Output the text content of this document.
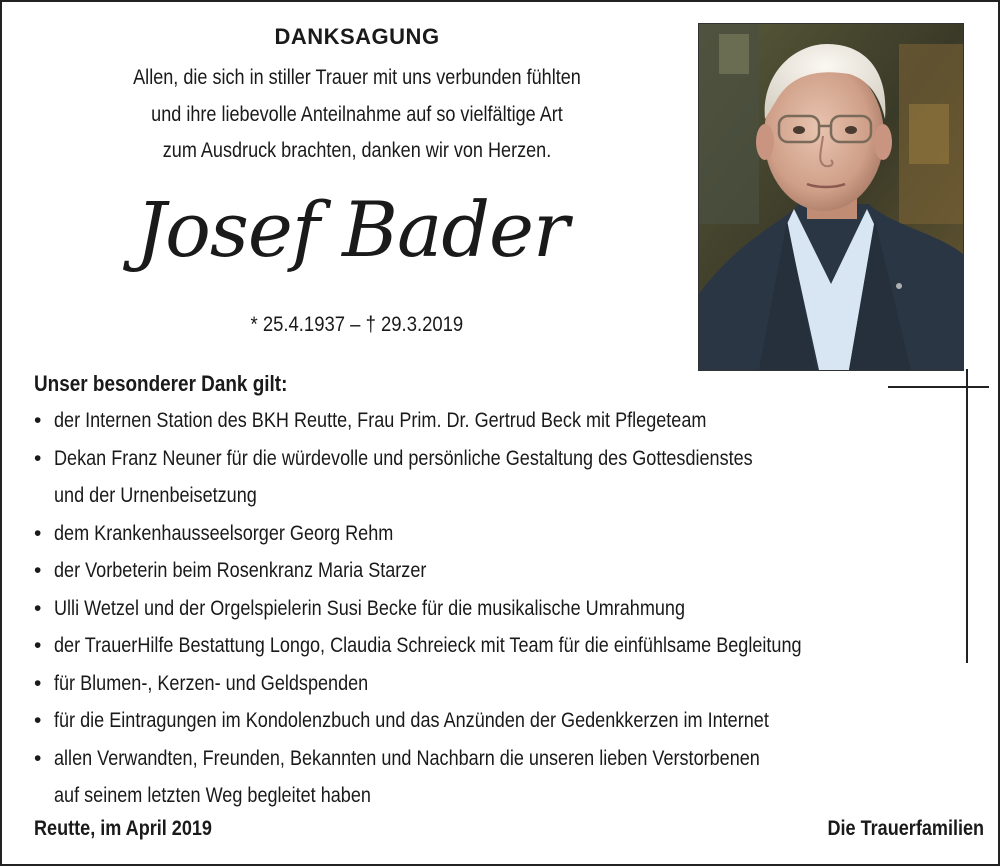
DANKSAGUNG
Allen, die sich in stiller Trauer mit uns verbunden fühlten
und ihre liebevolle Anteilnahme auf so vielfältige Art
zum Ausdruck brachten, danken wir von Herzen.
Josef Bader
* 25.4.1937 – † 29.3.2019
Unser besonderer Dank gilt:
• der Internen Station des BKH Reutte, Frau Prim. Dr. Gertrud Beck mit Pflegeteam
• Dekan Franz Neuner für die würdevolle und persönliche Gestaltung des Gottesdienstes
und der Urnenbeisetzung
• dem Krankenhausseelsorger Georg Rehm
• der Vorbeterin beim Rosenkranz Maria Starzer
• Ulli Wetzel und der Orgelspielerin Susi Becke für die musikalische Umrahmung
• der TrauerHilfe Bestattung Longo, Claudia Schreieck mit Team für die einfühlsame Begleitung
• für Blumen-, Kerzen- und Geldspenden
• für die Eintragungen im Kondolenzbuch und das Anzünden der Gedenkkerzen im Internet
• allen Verwandten, Freunden, Bekannten und Nachbarn die unseren lieben Verstorbenen
auf seinem letzten Weg begleitet haben
Reutte, im April 2019	Die Trauerfamilien
